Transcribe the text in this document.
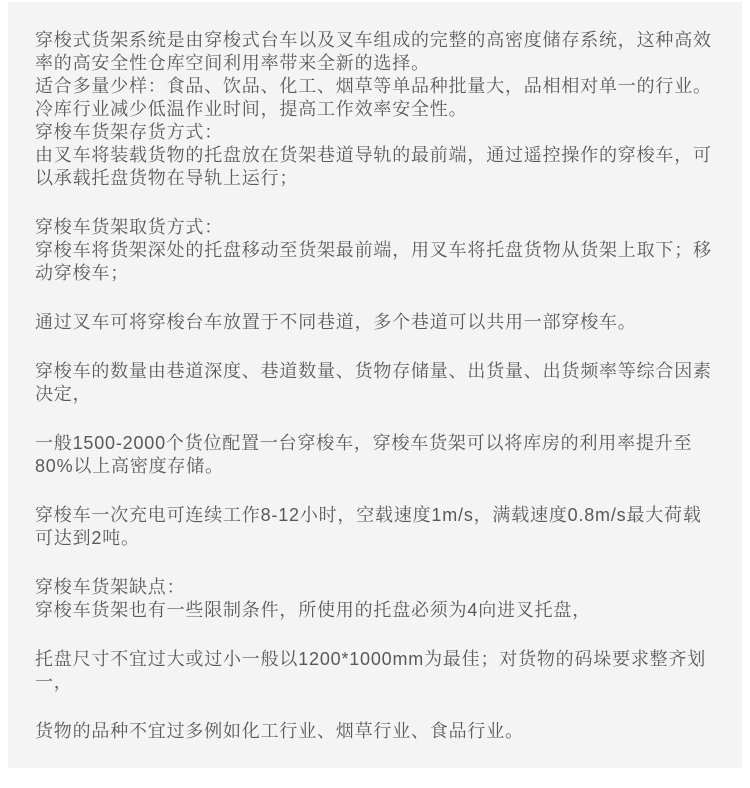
穿梭式货架系统是由穿梭式台车以及叉车组成的完整的高密度储存系统，这种高效
率的高安全性仓库空间利用率带来全新的选择。
适合多量少样：食品、饮品、化工、烟草等单品种批量大，品相相对单一的行业。
冷库行业减少低温作业时间，提高工作效率安全性。
穿梭车货架存货方式：
由叉车将装载货物的托盘放在货架巷道导轨的最前端，通过遥控操作的穿梭车，可
以承载托盘货物在导轨上运行；
穿梭车货架取货方式：
穿梭车将货架深处的托盘移动至货架最前端，用叉车将托盘货物从货架上取下；移
动穿梭车；
通过叉车可将穿梭台车放置于不同巷道，多个巷道可以共用一部穿梭车。
穿梭车的数量由巷道深度、巷道数量、货物存储量、出货量、出货频率等综合因素
决定，
一般1500-2000个货位配置一台穿梭车，穿梭车货架可以将库房的利用率提升至
80%以上高密度存储。
穿梭车一次充电可连续工作8-12小时，空载速度1m/s，满载速度0.8m/s最大荷载
可达到2吨。
穿梭车货架缺点：
穿梭车货架也有一些限制条件，所使用的托盘必须为4向进叉托盘，
托盘尺寸不宜过大或过小一般以1200*1000mm为最佳；对货物的码垛要求整齐划
一，
货物的品种不宜过多例如化工行业、烟草行业、食品行业。
